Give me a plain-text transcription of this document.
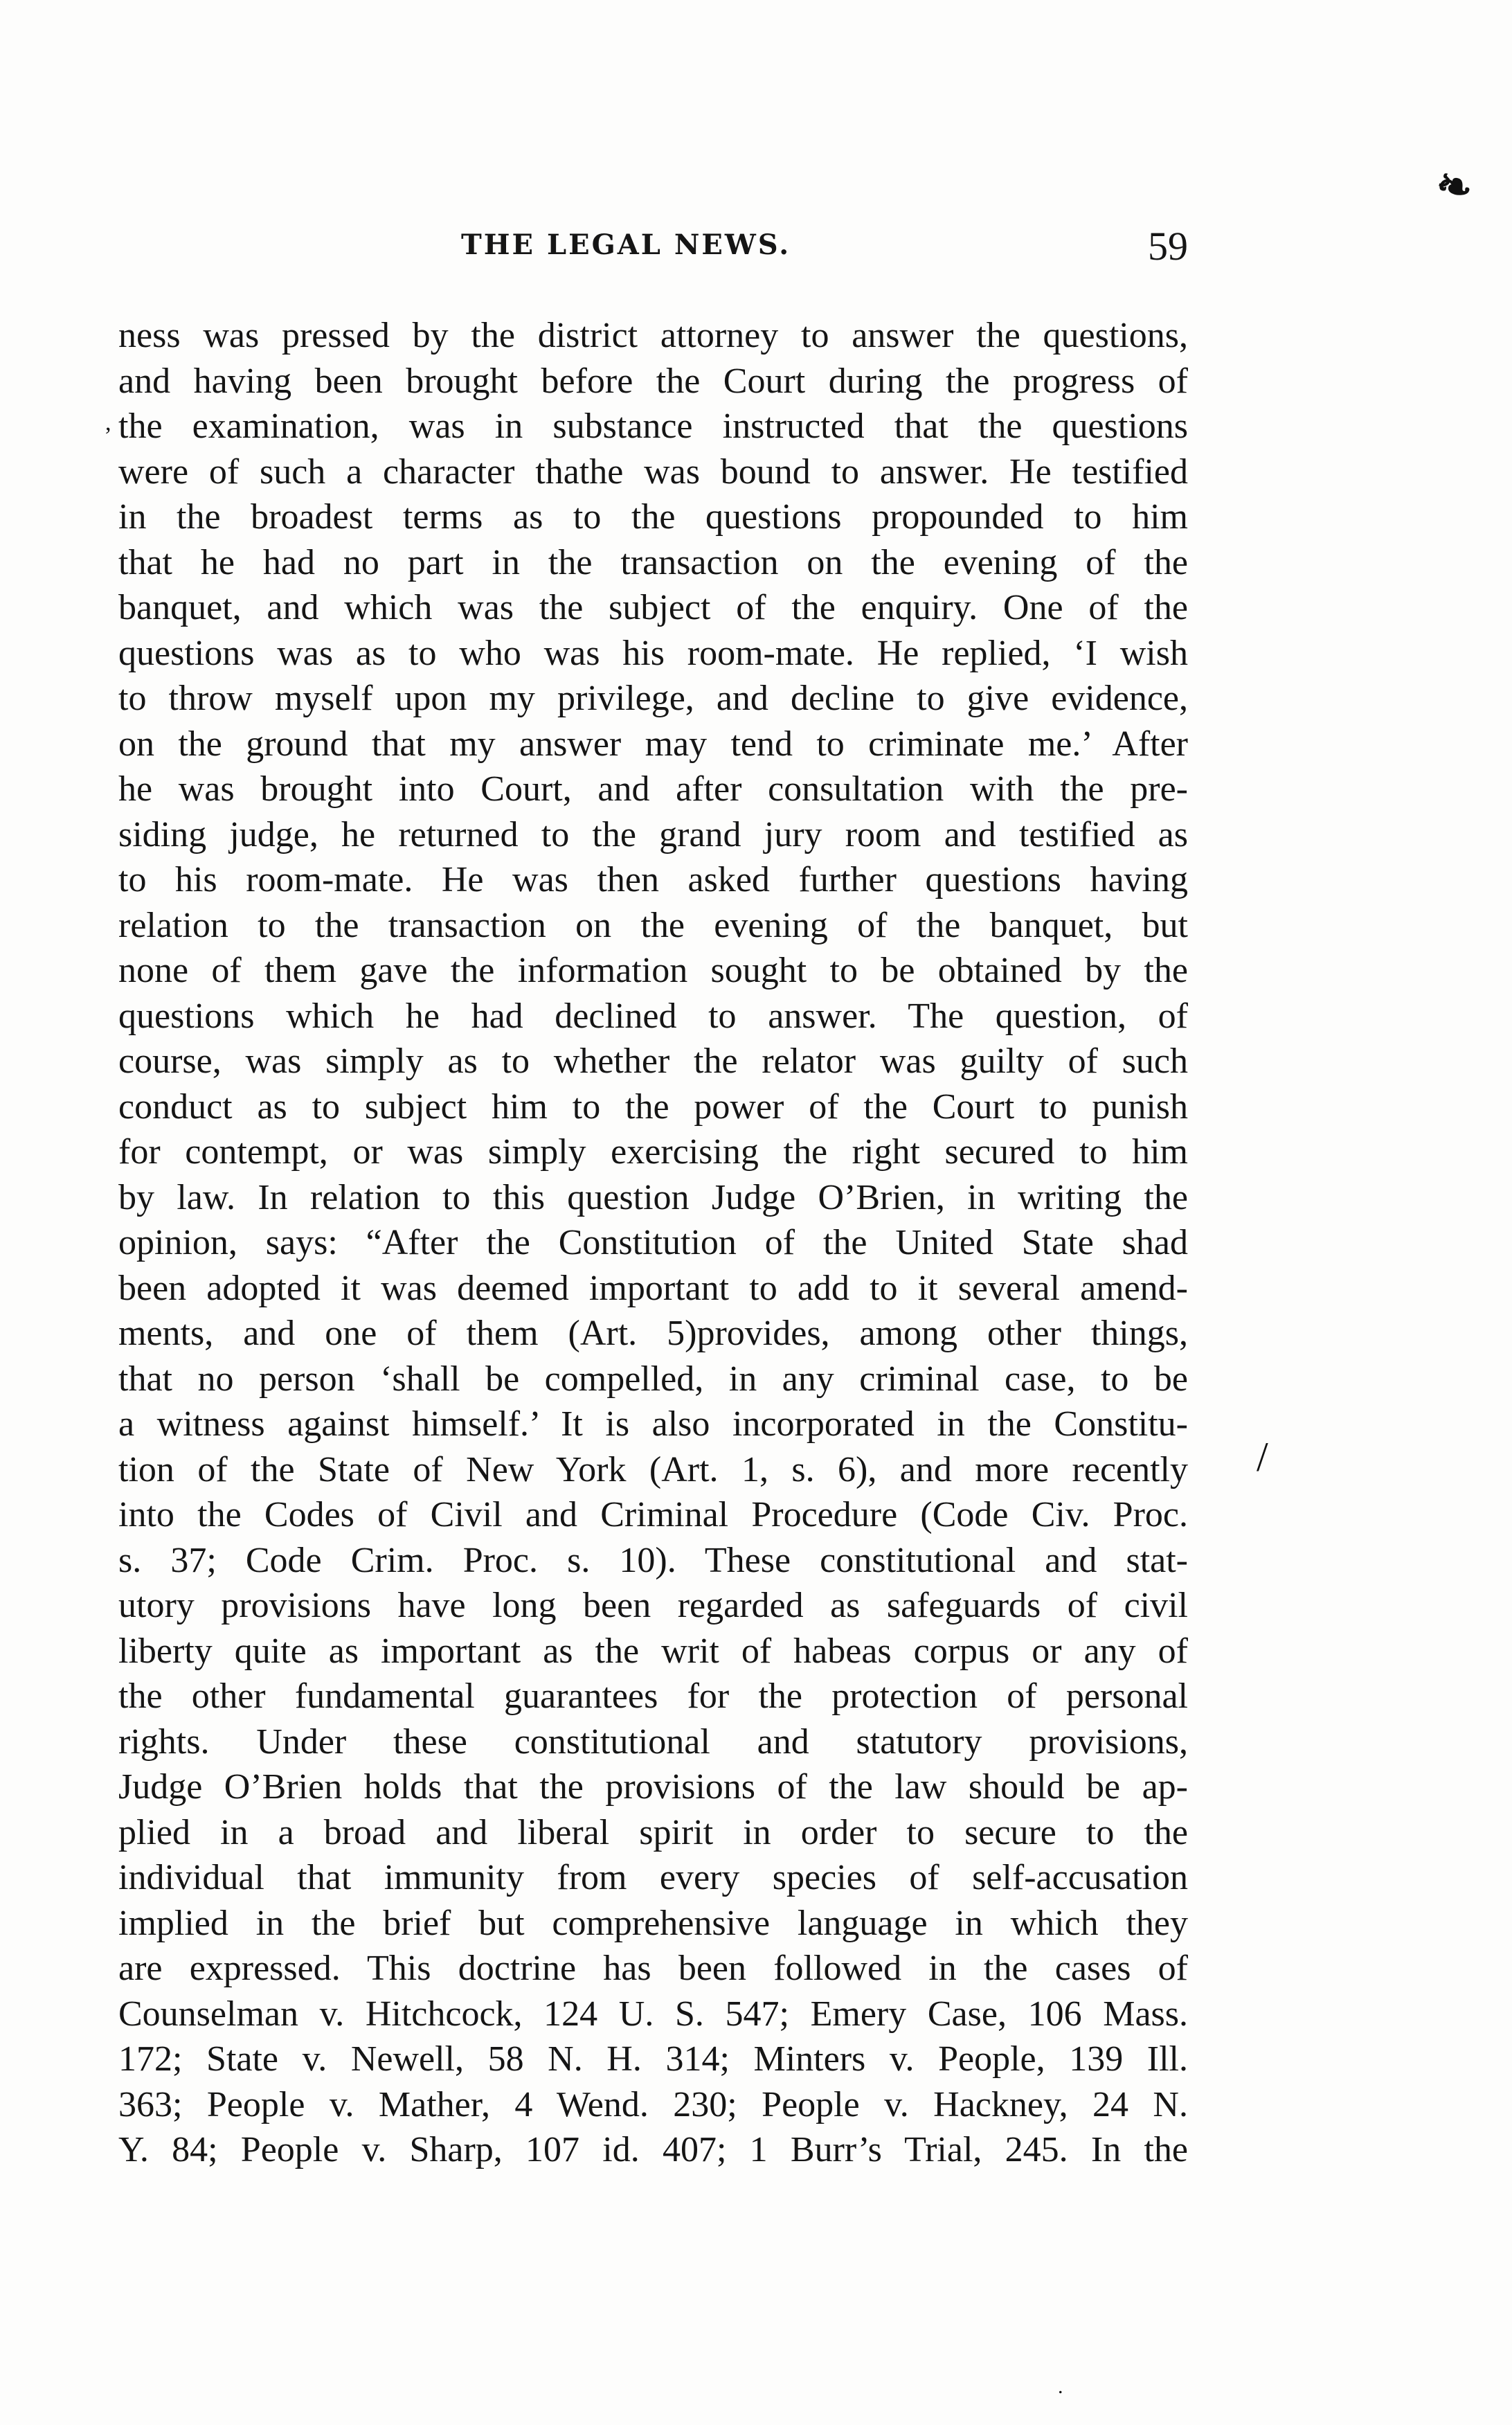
❧
/
,
.
THE LEGAL NEWS.	59
ness was pressed by the district attorney to answer the questions,
and having been brought before the Court during the progress of
the examination, was in substance instructed that the questions
were of such a character thathe was bound to answer. He testified
in the broadest terms as to the questions propounded to him
that he had no part in the transaction on the evening of the
banquet, and which was the subject of the enquiry. One of the
questions was as to who was his room-mate. He replied, ‘I wish
to throw myself upon my privilege, and decline to give evidence,
on the ground that my answer may tend to criminate me.’ After
he was brought into Court, and after consultation with the pre-
siding judge, he returned to the grand jury room and testified as
to his room-mate. He was then asked further questions having
relation to the transaction on the evening of the banquet, but
none of them gave the information sought to be obtained by the
questions which he had declined to answer. The question, of
course, was simply as to whether the relator was guilty of such
conduct as to subject him to the power of the Court to punish
for contempt, or was simply exercising the right secured to him
by law. In relation to this question Judge O’Brien, in writing the
opinion, says: “After the Constitution of the United State shad
been adopted it was deemed important to add to it several amend-
ments, and one of them (Art. 5)provides, among other things,
that no person ‘shall be compelled, in any criminal case, to be
a witness against himself.’ It is also incorporated in the Constitu-
tion of the State of New York (Art. 1, s. 6), and more recently
into the Codes of Civil and Criminal Procedure (Code Civ. Proc.
s. 37; Code Crim. Proc. s. 10). These constitutional and stat-
utory provisions have long been regarded as safeguards of civil
liberty quite as important as the writ of habeas corpus or any of
the other fundamental guarantees for the protection of personal
rights. Under these constitutional and statutory provisions,
Judge O’Brien holds that the provisions of the law should be ap-
plied in a broad and liberal spirit in order to secure to the
individual that immunity from every species of self-accusation
implied in the brief but comprehensive language in which they
are expressed. This doctrine has been followed in the cases of
Counselman v. Hitchcock, 124 U. S. 547; Emery Case, 106 Mass.
172; State v. Newell, 58 N. H. 314; Minters v. People, 139 Ill.
363; People v. Mather, 4 Wend. 230; People v. Hackney, 24 N.
Y. 84; People v. Sharp, 107 id. 407; 1 Burr’s Trial, 245. In the
